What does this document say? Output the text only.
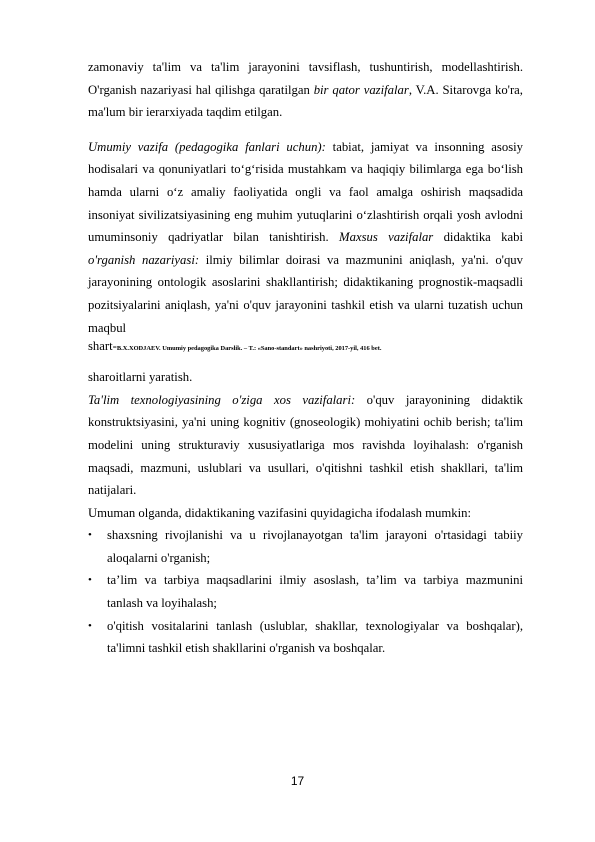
zamonaviy ta'lim va ta'lim jarayonini tavsiflash, tushuntirish, modellashtirish. O'rganish nazariyasi hal qilishga qaratilgan bir qator vazifalar, V.A. Sitarovga ko'ra, ma'lum bir ierarxiyada taqdim etilgan.

Umumiy vazifa (pedagogika fanlari uchun): tabiat, jamiyat va insonning asosiy hodisalari va qonuniyatlari to‘g‘risida mustahkam va haqiqiy bilimlarga ega bo‘lish hamda ularni o‘z amaliy faoliyatida ongli va faol amalga oshirish maqsadida insoniyat sivilizatsiyasining eng muhim yutuqlarini o‘zlashtirish orqali yosh avlodni umuminsoniy qadriyatlar bilan tanishtirish. Maxsus vazifalar didaktika kabi o'rganish nazariyasi: ilmiy bilimlar doirasi va mazmunini aniqlash, ya'ni. o'quv jarayonining ontologik asoslarini shakllantirish; didaktikaning prognostik-maqsadli pozitsiyalarini aniqlash, ya'ni o'quv jarayonini tashkil etish va ularni tuzatish uchun maqbul

shart-B.X.XODJAEV. Umumiy pedagogika Darslik. – T.: «Sano-standart» nashriyoti, 2017-yil, 416 bet.

sharoitlarni yaratish.

Ta'lim texnologiyasining o'ziga xos vazifalari: o'quv jarayonining didaktik konstruktsiyasini, ya'ni uning kognitiv (gnoseologik) mohiyatini ochib berish; ta'lim modelini uning strukturaviy xususiyatlariga mos ravishda loyihalash: o'rganish maqsadi, mazmuni, uslublari va usullari, o'qitishni tashkil etish shakllari, ta'lim natijalari.

Umuman olganda, didaktikaning vazifasini quyidagicha ifodalash mumkin:

• shaxsning rivojlanishi va u rivojlanayotgan ta'lim jarayoni o'rtasidagi tabiiy aloqalarni o'rganish;
• ta’lim va tarbiya maqsadlarini ilmiy asoslash, ta’lim va tarbiya mazmunini tanlash va loyihalash;
• o'qitish vositalarini tanlash (uslublar, shakllar, texnologiyalar va boshqalar), ta'limni tashkil etish shakllarini o'rganish va boshqalar.
17
